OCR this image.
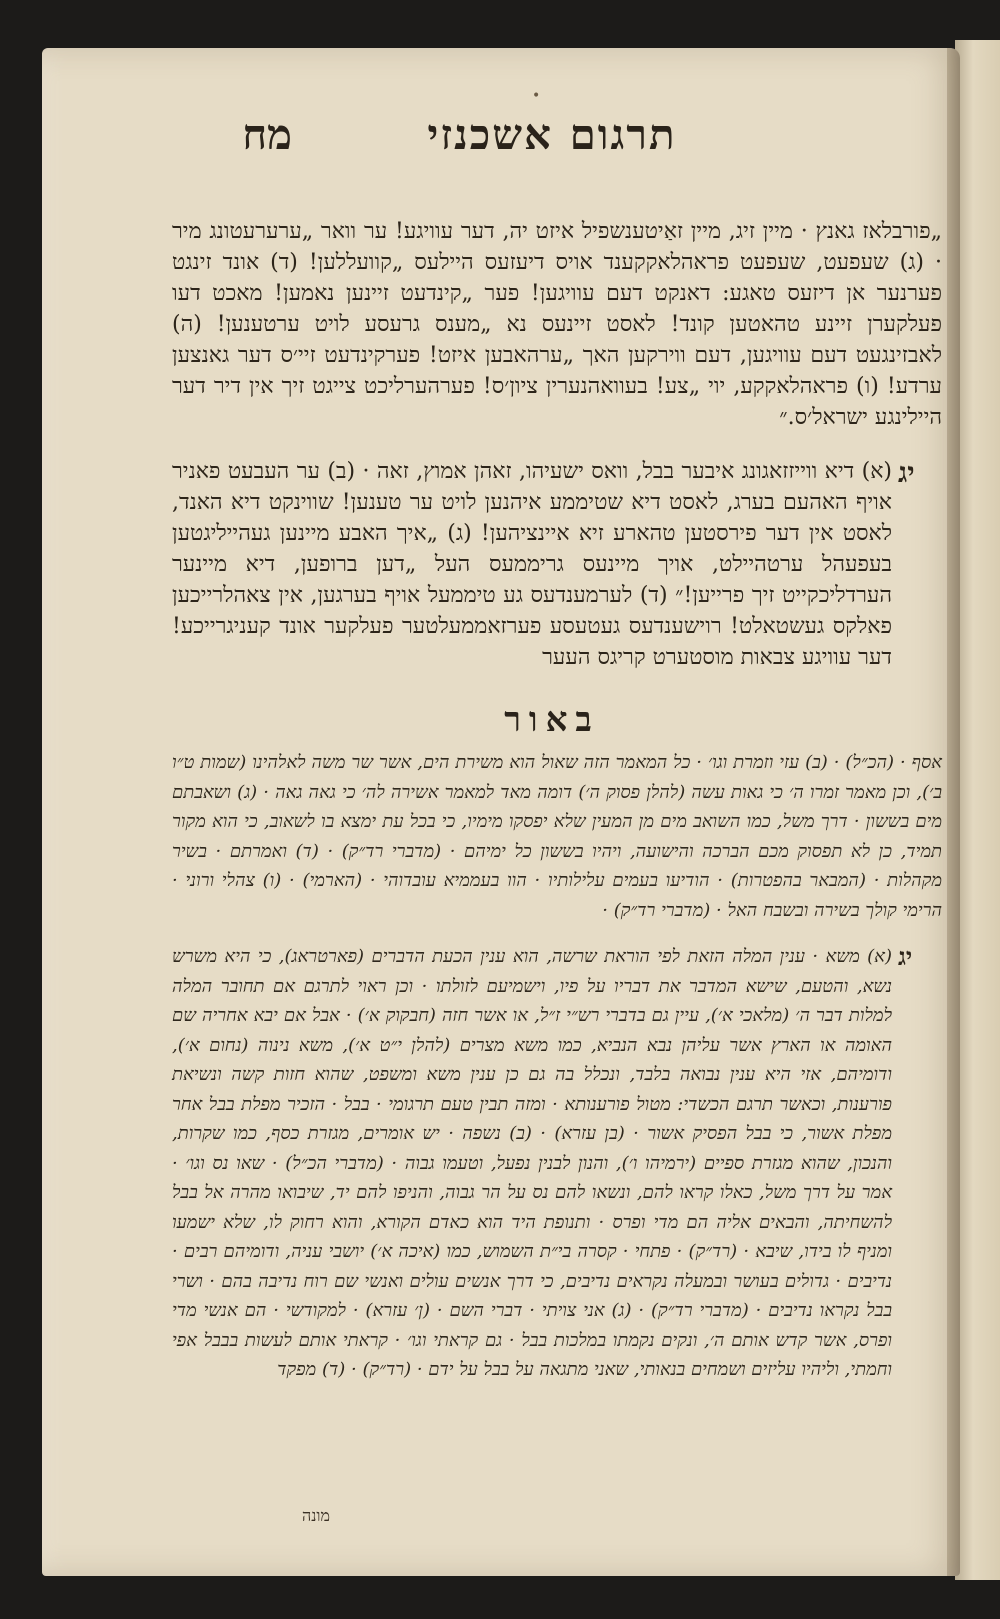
•
תרגום אשכנזי
מח
„פורבלאז גאנץ · מיין זיג, מיין זאַיטענשפיל איזט יה, דער עוויגע! ער וואר „ערערעטונג מיר · (ג) שעפעט, שעפעט פראהלאקקענד אויס דיעזעס היילעס „קוועללען! (ד) אונד זינגט פערנער אן דיזעס טאגע: דאנקט דעם עוויגען! פער „קינדעט זיינען נאמען! מאכט דעו פעלקערן זיינע טהאטען קונד! לאסט זיינעס נא „מענס גרעסע לויט ערטענען! (ה) לאבזינגעט דעם עוויגען, דעם ווירקען האך „ערהאבען איזט! פערקינדעט זיי׳ס דער גאנצען ערדע! (ו) פראהלאקקע, יוי „צע! בעוואהנערין ציון׳ס! פערהערליכט צייגט זיך אין דיר דער היילינגע ישראל׳ס.״
יג
(א) דיא ווייזזאגונג איבער בבל, וואס ישעיהו, זאהן אמוץ, זאה · (ב) ער העבעט פאניר אויף האהעם בערג, לאסט דיא שטיממע איהנען לויט ער טענען! שווינקט דיא האנד, לאסט אין דער פירסטען טהארע זיא איינציהען! (ג) „איך האבע מיינען געהייליגטען בעפעהל ערטהיילט, אויך מיינעס גריממעס העל „דען ברופען, דיא מיינער הערדליכקייט זיך פרייען!״ (ד) לערמענדעס גע טיממעל אויף בערגען, אין צאהלרייכען פאלקס געשטאלט! רוישענדעס געטעסע פערזאממעלטער פעלקער אונד קעניגרייכע! דער עוויגע צבאות מוסטערט קריגס העער
באור
אסף · (הכ״ל) · (ב) עזי וזמרת וגו׳ · כל המאמר הזה שאול הוא משירת הים, אשר שר משה לאלהינו (שמות ט״ו ב׳), וכן מאמר זמרו ה׳ כי גאות עשה (להלן פסוק ה׳) דומה מאד למאמר אשירה לה׳ כי גאה גאה · (ג) ושאבתם מים בששון · דרך משל, כמו השואב מים מן המעין שלא יפסקו מימיו, כי בכל עת ימצא בו לשאוב, כי הוא מקור תמיד, כן לא תפסוק מכם הברכה והישועה, ויהיו בששון כל ימיהם · (מדברי רד״ק) · (ד) ואמרתם · בשיר מקהלות · (המבאר בהפטרות) · הודיעו בעמים עלילותיו · הוו בעממיא עובדוהי · (הארמי) · (ו) צהלי ורוני · הרימי קולך בשירה ובשבח האל · (מדברי רד״ק) ·
יג
(א) משא · ענין המלה הזאת לפי הוראת שרשה, הוא ענין הכעת הדברים (פארטראג), כי היא משרש נשא, והטעם, שישא המדבר את דבריו על פיו, וישמיעם לזולתו · וכן ראוי לתרגם אם תחובר המלה למלות דבר ה׳ (מלאכי א׳), עיין גם בדברי רש״י ז״ל, או אשר חזה (חבקוק א׳) · אבל אם יבא אחריה שם האומה או הארץ אשר עליהן נבא הנביא, כמו משא מצרים (להלן י״ט א׳), משא נינוה (נחום א׳), ודומיהם, אזי היא ענין נבואה בלבד, ונכלל בה גם כן ענין משא ומשפט, שהוא חזות קשה ונשיאת פורענות, וכאשר תרגם הכשדי: מטול פורענותא · ומזה תבין טעם תרגומי · בבל · הזכיר מפלת בבל אחר מפלת אשור, כי בבל הפסיק אשור · (בן עזרא) · (ב) נשפה · יש אומרים, מגזרת כסף, כמו שקרות, והנכון, שהוא מגזרת ספיים (ירמיהו ו׳), והנון לבנין נפעל, וטעמו גבוה · (מדברי הכ״ל) · שאו נס וגו׳ · אמר על דרך משל, כאלו קראו להם, ונשאו להם נס על הר גבוה, והניפו להם יד, שיבואו מהרה אל בבל להשחיתה, והבאים אליה הם מדי ופרס · ותנופת היד הוא כאדם הקורא, והוא רחוק לו, שלא ישמעו ומניף לו בידו, שיבא · (רד״ק) · פתחי · קסרה בי״ת השמוש, כמו (איכה א׳) יושבי עניה, ודומיהם רבים · נדיבים · גדולים בעושר ובמעלה נקראים נדיבים, כי דרך אנשים עולים ואנשי שם רוח נדיבה בהם · ושרי בבל נקראו נדיבים · (מדברי רד״ק) · (ג) אני צויתי · דברי השם · (ן׳ עזרא) · למקודשי · הם אנשי מדי ופרס, אשר קדש אותם ה׳, ונקים נקמתו במלכות בבל · גם קראתי וגו׳ · קראתי אותם לעשות בבבל אפי וחמתי, וליהיו עליזים ושמחים בנאותי, שאני מתגאה על בבל על ידם · (רד״ק) · (ד) מפקד
מונה
